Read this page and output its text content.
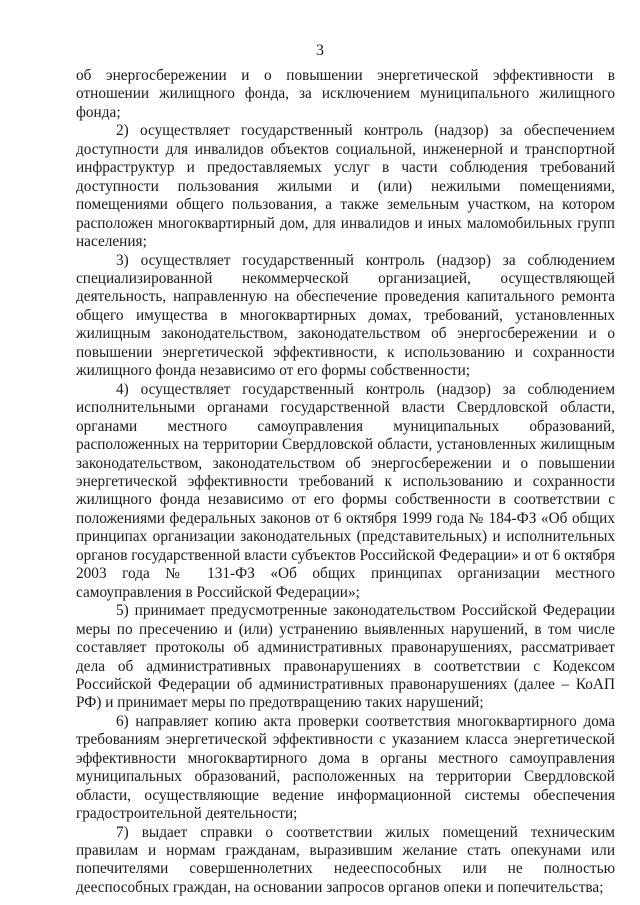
3

об энергосбережении и о повышении энергетической эффективности в отношении жилищного фонда, за исключением муниципального жилищного фонда;

2) осуществляет государственный контроль (надзор) за обеспечением доступности для инвалидов объектов социальной, инженерной и транспортной инфраструктур и предоставляемых услуг в части соблюдения требований доступности пользования жилыми и (или) нежилыми помещениями, помещениями общего пользования, а также земельным участком, на котором расположен многоквартирный дом, для инвалидов и иных маломобильных групп населения;

3) осуществляет государственный контроль (надзор) за соблюдением специализированной некоммерческой организацией, осуществляющей деятельность, направленную на обеспечение проведения капитального ремонта общего имущества в многоквартирных домах, требований, установленных жилищным законодательством, законодательством об энергосбережении и о повышении энергетической эффективности, к использованию и сохранности жилищного фонда независимо от его формы собственности;

4) осуществляет государственный контроль (надзор) за соблюдением исполнительными органами государственной власти Свердловской области, органами местного самоуправления муниципальных образований, расположенных на территории Свердловской области, установленных жилищным законодательством, законодательством об энергосбережении и о повышении энергетической эффективности требований к использованию и сохранности жилищного фонда независимо от его формы собственности в соответствии с положениями федеральных законов от 6 октября 1999 года № 184-ФЗ «Об общих принципах организации законодательных (представительных) и исполнительных органов государственной власти субъектов Российской Федерации» и от 6 октября 2003 года № 131-ФЗ «Об общих принципах организации местного самоуправления в Российской Федерации»;

5) принимает предусмотренные законодательством Российской Федерации меры по пресечению и (или) устранению выявленных нарушений, в том числе составляет протоколы об административных правонарушениях, рассматривает дела об административных правонарушениях в соответствии с Кодексом Российской Федерации об административных правонарушениях (далее – КоАП РФ) и принимает меры по предотвращению таких нарушений;

6) направляет копию акта проверки соответствия многоквартирного дома требованиям энергетической эффективности с указанием класса энергетической эффективности многоквартирного дома в органы местного самоуправления муниципальных образований, расположенных на территории Свердловской области, осуществляющие ведение информационной системы обеспечения градостроительной деятельности;

7) выдает справки о соответствии жилых помещений техническим правилам и нормам гражданам, выразившим желание стать опекунами или попечителями совершеннолетних недееспособных или не полностью дееспособных граждан, на основании запросов органов опеки и попечительства;
